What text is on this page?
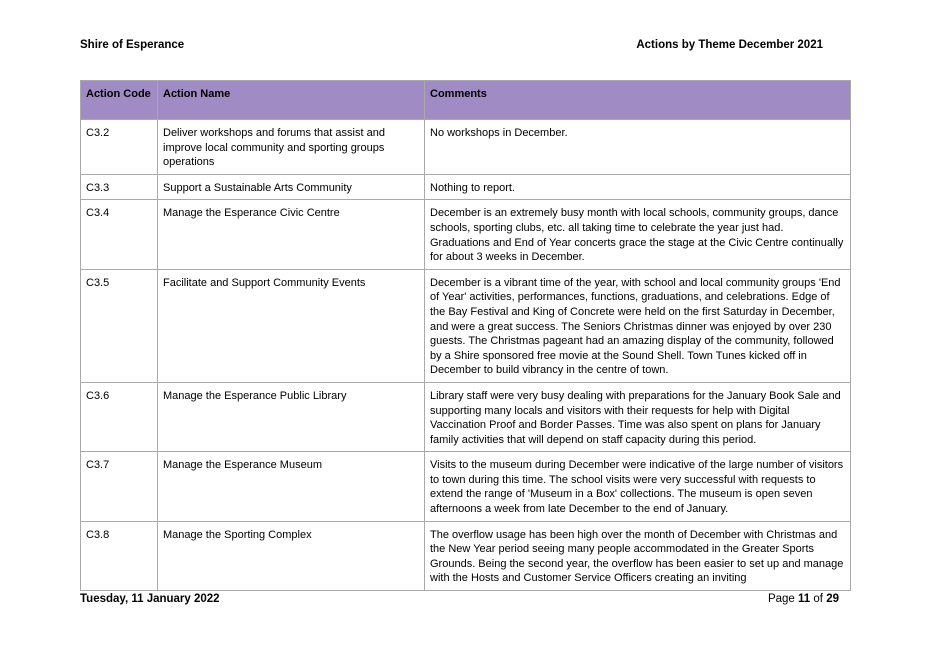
Shire of Esperance	Actions by Theme December 2021
Action Code	Action Name	Comments
C3.2	Deliver workshops and forums that assist and improve local community and sporting groups operations	No workshops in December.
C3.3	Support a Sustainable Arts Community	Nothing to report.
C3.4	Manage the Esperance Civic Centre	December is an extremely busy month with local schools, community groups, dance schools, sporting clubs, etc. all taking time to celebrate the year just had. Graduations and End of Year concerts grace the stage at the Civic Centre continually for about 3 weeks in December.
C3.5	Facilitate and Support Community Events	December is a vibrant time of the year, with school and local community groups 'End of Year' activities, performances, functions, graduations, and celebrations. Edge of the Bay Festival and King of Concrete were held on the first Saturday in December, and were a great success. The Seniors Christmas dinner was enjoyed by over 230 guests. The Christmas pageant had an amazing display of the community, followed by a Shire sponsored free movie at the Sound Shell. Town Tunes kicked off in December to build vibrancy in the centre of town.
C3.6	Manage the Esperance Public Library	Library staff were very busy dealing with preparations for the January Book Sale and supporting many locals and visitors with their requests for help with Digital Vaccination Proof and Border Passes. Time was also spent on plans for January family activities that will depend on staff capacity during this period.
C3.7	Manage the Esperance Museum	Visits to the museum during December were indicative of the large number of visitors to town during this time. The school visits were very successful with requests to extend the range of 'Museum in a Box' collections. The museum is open seven afternoons a week from late December to the end of January.
C3.8	Manage the Sporting Complex	The overflow usage has been high over the month of December with Christmas and the New Year period seeing many people accommodated in the Greater Sports Grounds. Being the second year, the overflow has been easier to set up and manage with the Hosts and Customer Service Officers creating an inviting
Tuesday, 11 January 2022	Page 11 of 29
